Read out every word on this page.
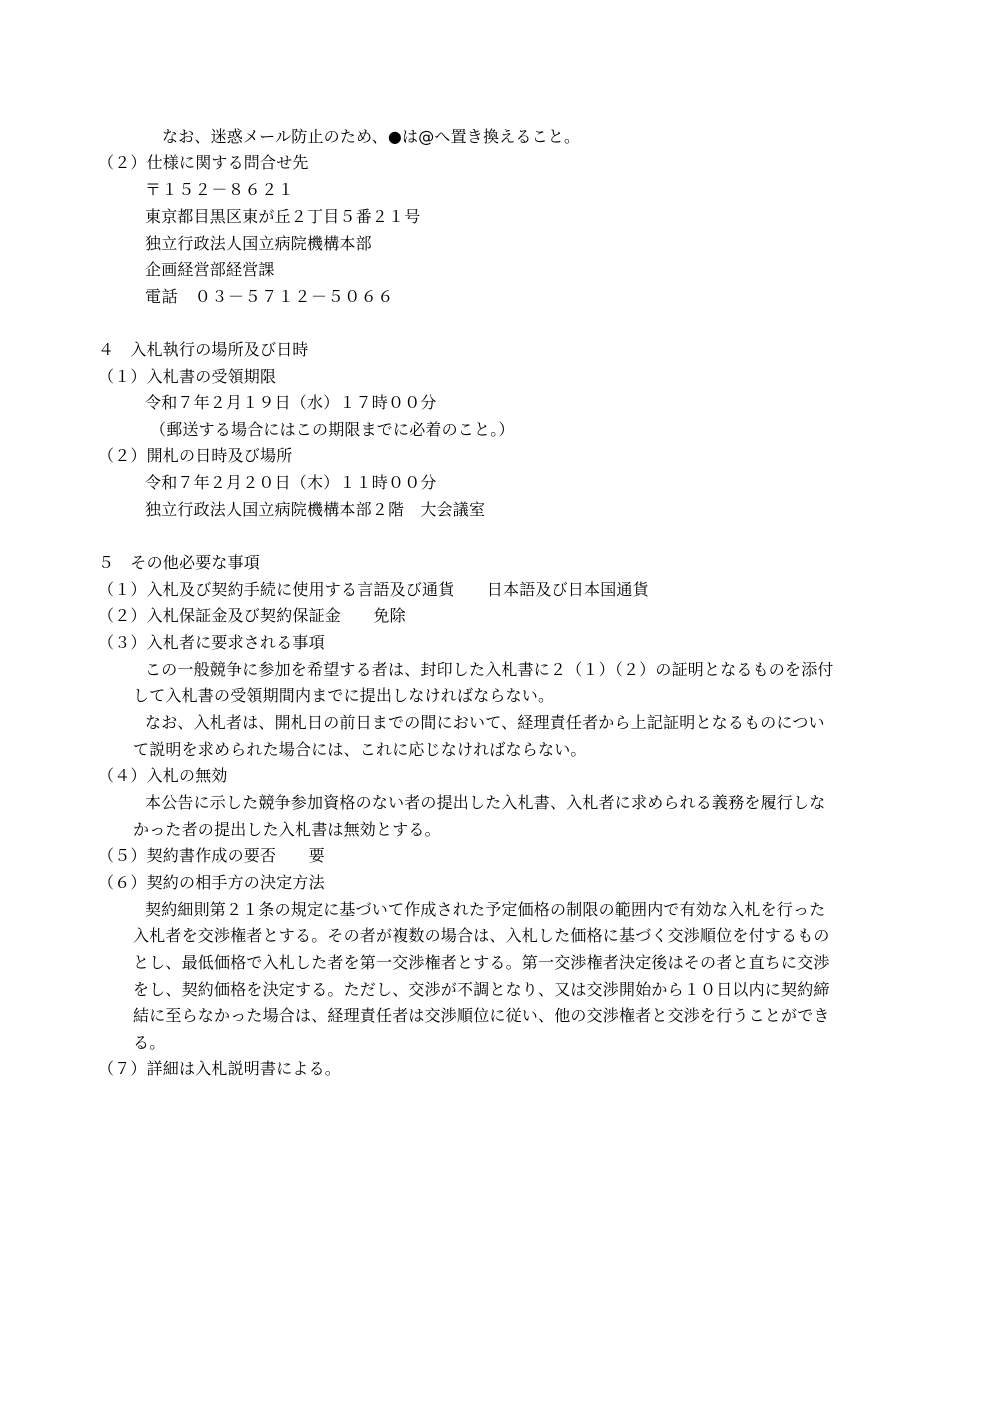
なお、迷惑メール防止のため、●は@へ置き換えること。
（２）仕様に関する問合せ先
〒１５２－８６２１
東京都目黒区東が丘２丁目５番２１号
独立行政法人国立病院機構本部
企画経営部経営課
電話　０３－５７１２－５０６６
４　入札執行の場所及び日時
（１）入札書の受領期限
令和７年２月１９日（水）１７時００分
（郵送する場合にはこの期限までに必着のこと。）
（２）開札の日時及び場所
令和７年２月２０日（木）１１時００分
独立行政法人国立病院機構本部２階　大会議室
５　その他必要な事項
（１）入札及び契約手続に使用する言語及び通貨　　日本語及び日本国通貨
（２）入札保証金及び契約保証金　　免除
（３）入札者に要求される事項
この一般競争に参加を希望する者は、封印した入札書に２（１）（２）の証明となるものを添付
して入札書の受領期間内までに提出しなければならない。
なお、入札者は、開札日の前日までの間において、経理責任者から上記証明となるものについ
て説明を求められた場合には、これに応じなければならない。
（４）入札の無効
本公告に示した競争参加資格のない者の提出した入札書、入札者に求められる義務を履行しな
かった者の提出した入札書は無効とする。
（５）契約書作成の要否　　要
（６）契約の相手方の決定方法
契約細則第２１条の規定に基づいて作成された予定価格の制限の範囲内で有効な入札を行った
入札者を交渉権者とする。その者が複数の場合は、入札した価格に基づく交渉順位を付するもの
とし、最低価格で入札した者を第一交渉権者とする。第一交渉権者決定後はその者と直ちに交渉
をし、契約価格を決定する。ただし、交渉が不調となり、又は交渉開始から１０日以内に契約締
結に至らなかった場合は、経理責任者は交渉順位に従い、他の交渉権者と交渉を行うことができ
る。
（７）詳細は入札説明書による。
